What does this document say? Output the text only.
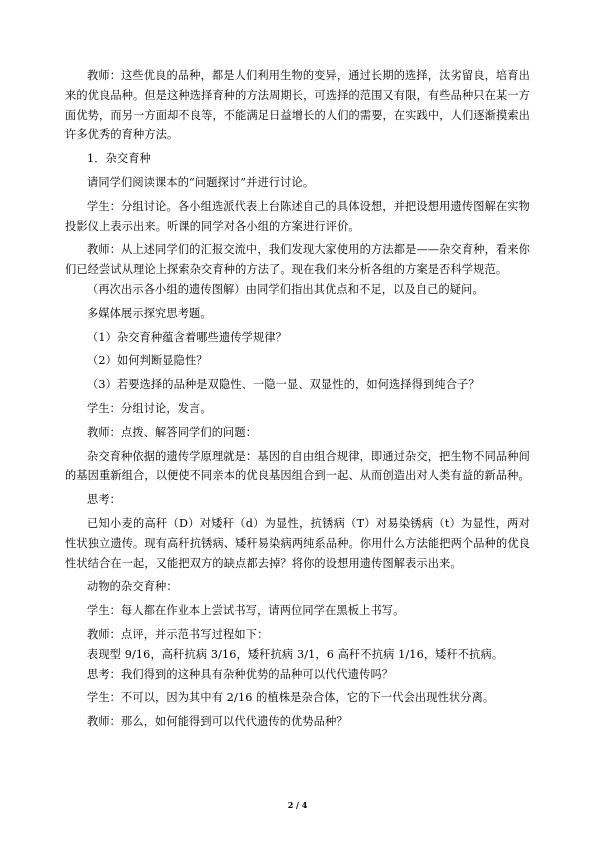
教师：这些优良的品种，都是人们利用生物的变异，通过长期的选择，汰劣留良，培育出来的优良品种。但是这种选择育种的方法周期长，可选择的范围又有限，有些品种只在某一方面优势，而另一方面却不良等，不能满足日益增长的人们的需要，在实践中，人们逐渐摸索出许多优秀的育种方法。

1．杂交育种

请同学们阅读课本的“问题探讨”并进行讨论。

学生：分组讨论。各小组选派代表上台陈述自己的具体设想，并把设想用遗传图解在实物投影仪上表示出来。听课的同学对各小组的方案进行评价。

教师：从上述同学们的汇报交流中，我们发现大家使用的方法都是——杂交育种，看来你们已经尝试从理论上探索杂交育种的方法了。现在我们来分析各组的方案是否科学规范。

（再次出示各小组的遗传图解）由同学们指出其优点和不足，以及自己的疑问。

多媒体展示探究思考题。

（1）杂交育种蕴含着哪些遗传学规律？

（2）如何判断显隐性？

（3）若要选择的品种是双隐性、一隐一显、双显性的，如何选择得到纯合子？

学生：分组讨论，发言。

教师：点拨、解答同学们的问题：

杂交育种依据的遗传学原理就是：基因的自由组合规律，即通过杂交，把生物不同品种间的基因重新组合，以便使不同亲本的优良基因组合到一起、从而创造出对人类有益的新品种。

思考：

已知小麦的高秆（D）对矮秆（d）为显性，抗锈病（T）对易染锈病（t）为显性，两对性状独立遗传。现有高秆抗锈病、矮秆易染病两纯系品种。你用什么方法能把两个品种的优良性状结合在一起，又能把双方的缺点都去掉？将你的设想用遗传图解表示出来。

动物的杂交育种：

学生：每人都在作业本上尝试书写，请两位同学在黑板上书写。

教师：点评，并示范书写过程如下：

表现型 9/16，高秆抗病 3/16，矮秆抗病 3/1，6 高秆不抗病 1/16，矮秆不抗病。

思考：我们得到的这种具有杂种优势的品种可以代代遗传吗？

学生：不可以，因为其中有 2/16 的植株是杂合体，它的下一代会出现性状分离。

教师：那么，如何能得到可以代代遗传的优势品种？

2 / 4
